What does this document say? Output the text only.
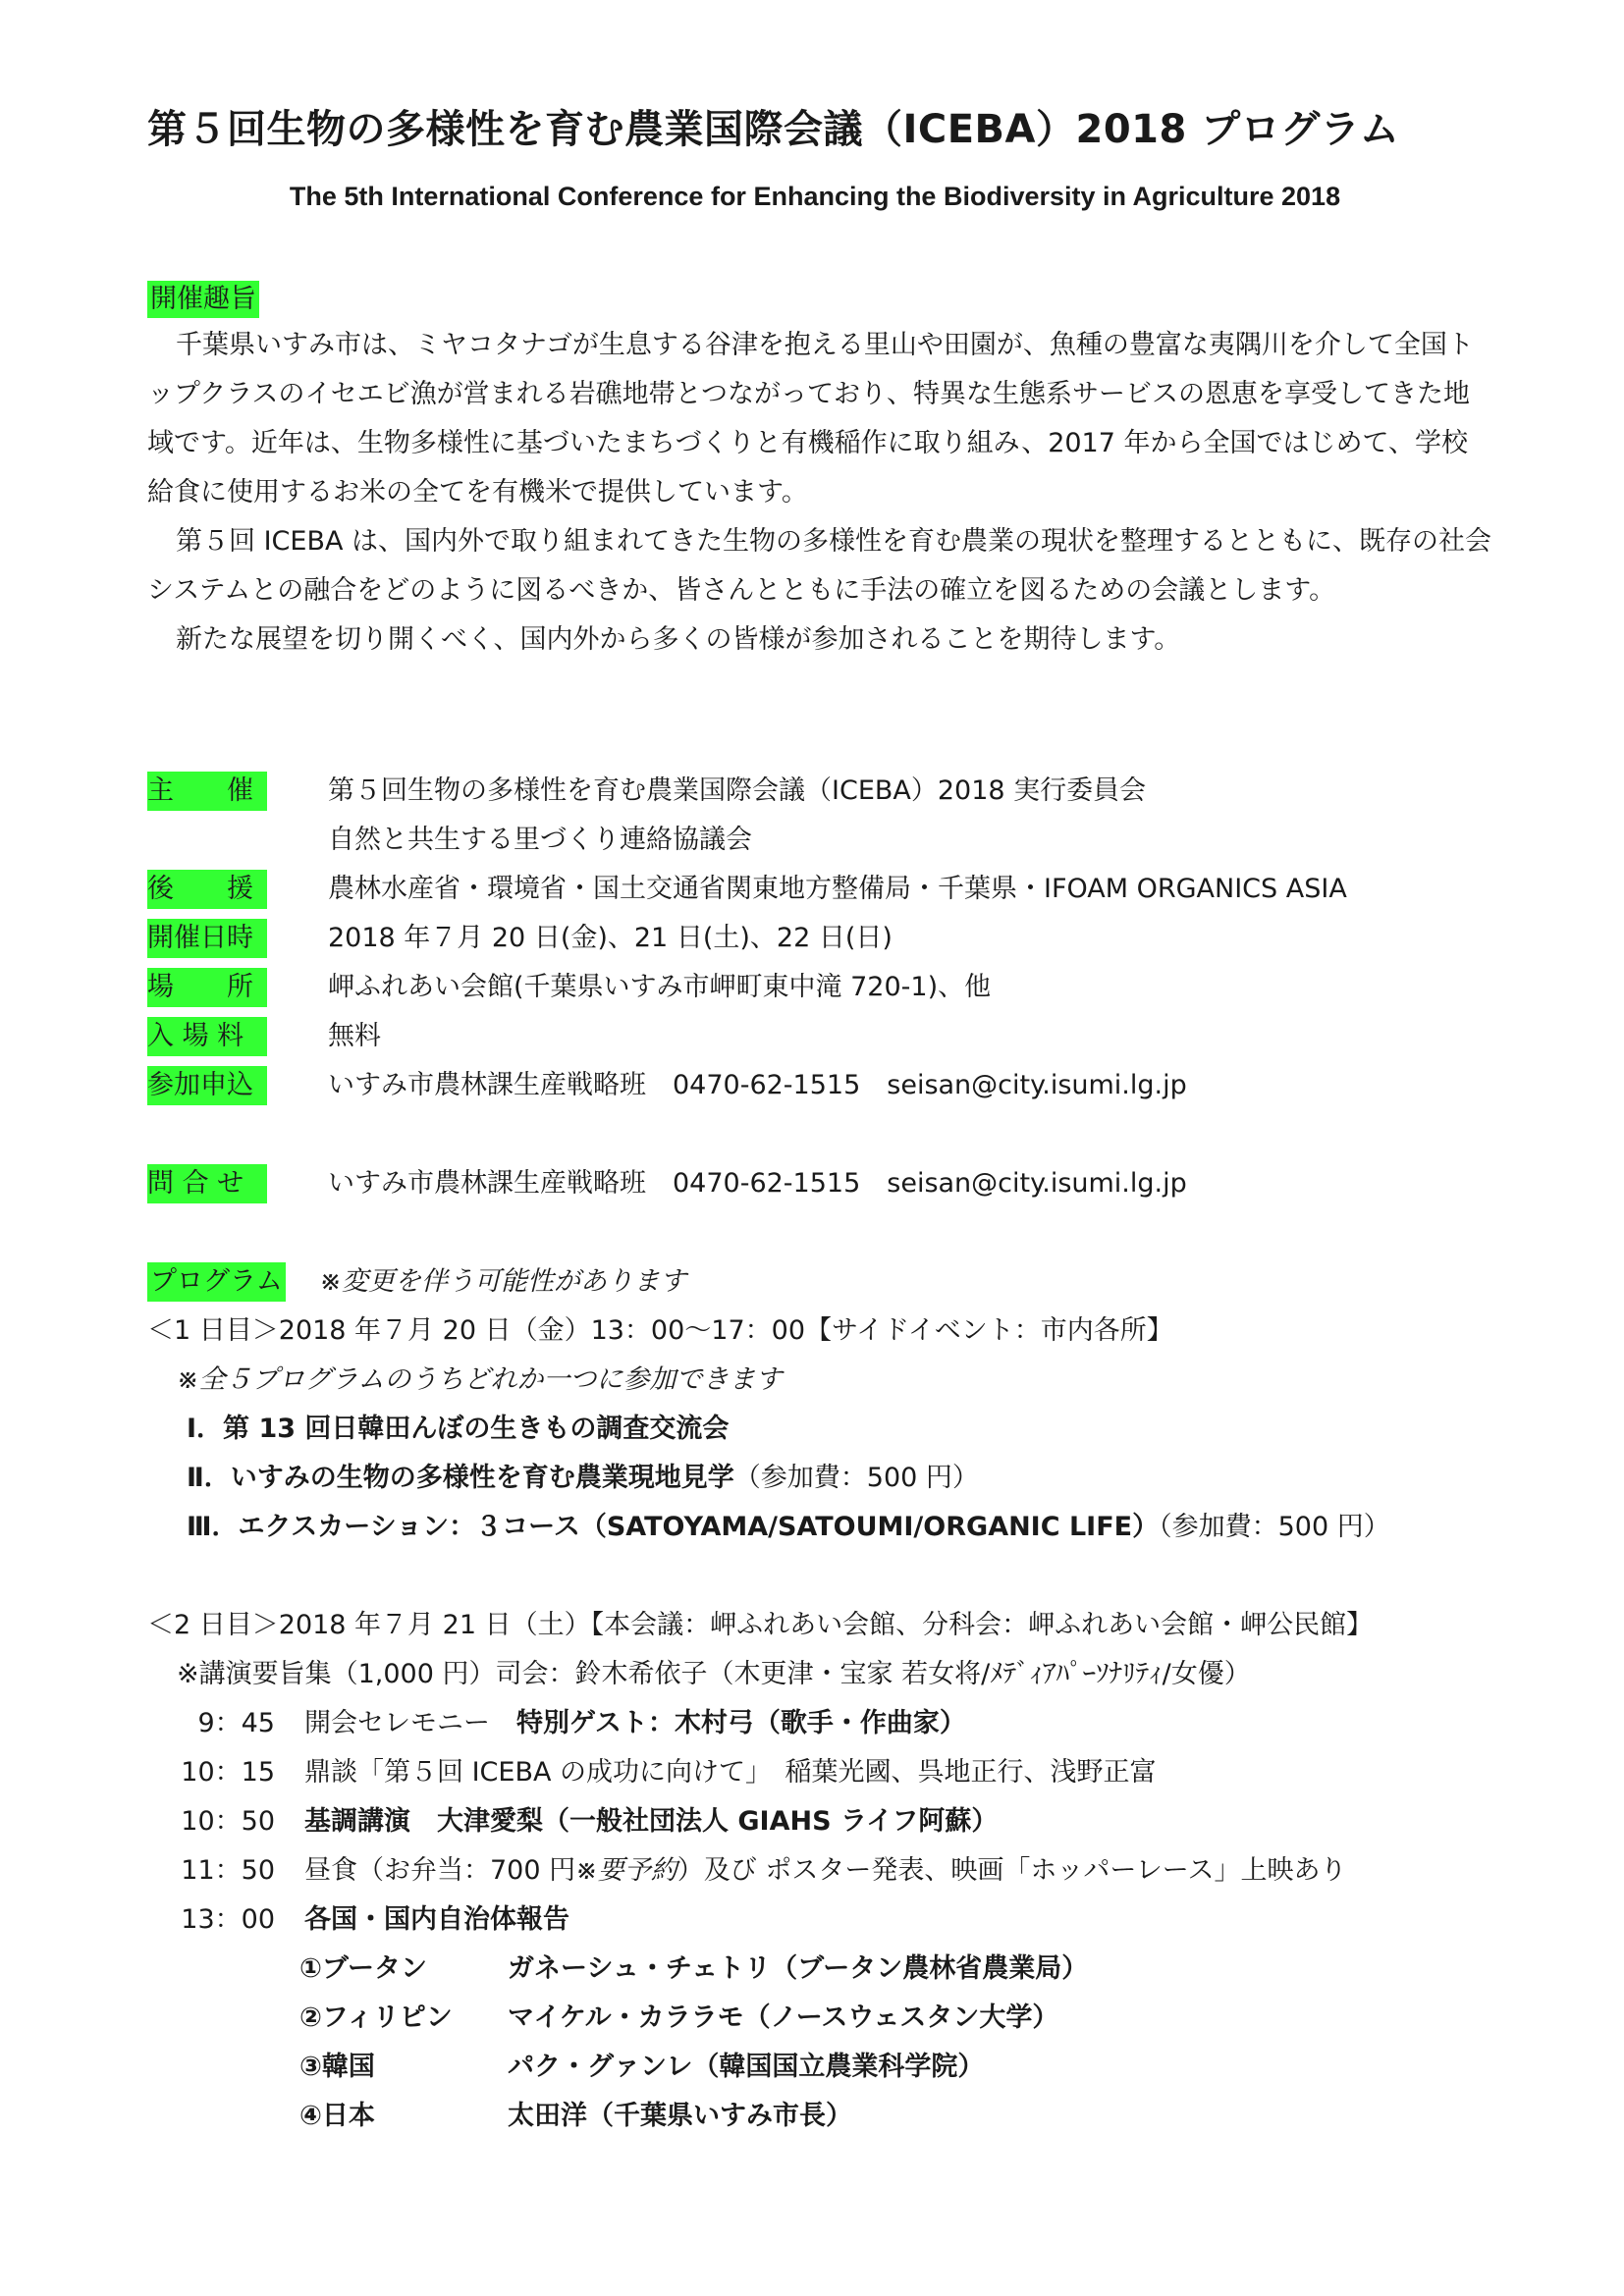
第５回生物の多様性を育む農業国際会議（ICEBA）2018 プログラム
The 5th International Conference for Enhancing the Biodiversity in Agriculture 2018
開催趣旨

千葉県いすみ市は、ミヤコタナゴが生息する谷津を抱える里山や田園が、魚種の豊富な夷隅川を介して全国トップクラスのイセエビ漁が営まれる岩礁地帯とつながっており、特異な生態系サービスの恩恵を享受してきた地域です。近年は、生物多様性に基づいたまちづくりと有機稲作に取り組み、2017 年から全国ではじめて、学校給食に使用するお米の全てを有機米で提供しています。

第５回 ICEBA は、国内外で取り組まれてきた生物の多様性を育む農業の現状を整理するとともに、既存の社会システムとの融合をどのように図るべきか、皆さんとともに手法の確立を図るための会議とします。

新たな展望を切り開くべく、国内外から多くの皆様が参加されることを期待します。

主　　催	第５回生物の多様性を育む農業国際会議（ICEBA）2018 実行委員会
自然と共生する里づくり連絡協議会
後　　援	農林水産省・環境省・国土交通省関東地方整備局・千葉県・IFOAM ORGANICS ASIA
開催日時	2018 年７月 20 日(金)、21 日(土)、22 日(日)
場　　所	岬ふれあい会館(千葉県いすみ市岬町東中滝 720-1)、他
入 場 料	無料
参加申込	いすみ市農林課生産戦略班　0470-62-1515　seisan@city.isumi.lg.jp
問 合 せ	いすみ市農林課生産戦略班　0470-62-1515　seisan@city.isumi.lg.jp
プログラム ※変更を伴う可能性があります
＜1 日目＞2018 年７月 20 日（金）13：00～17：00【サイドイベント：市内各所】
※全５プログラムのうちどれか一つに参加できます
Ⅰ．第 13 回日韓田んぼの生きもの調査交流会
Ⅱ．いすみの生物の多様性を育む農業現地見学（参加費：500 円）
Ⅲ．エクスカーション：３コース（SATOYAMA/SATOUMI/ORGANIC LIFE）（参加費：500 円）
＜2 日目＞2018 年７月 21 日（土）【本会議：岬ふれあい会館、分科会：岬ふれあい会館・岬公民館】
※講演要旨集（1,000 円）司会：鈴木希依子（木更津・宝家 若女将/ﾒﾃﾞｨｱﾊﾟｰｿﾅﾘﾃｨ/女優）
9：45 開会セレモニー　特別ゲスト：木村弓（歌手・作曲家）
10：15 鼎談「第５回 ICEBA の成功に向けて」　稲葉光國、呉地正行、浅野正富
10：50 基調講演　大津愛梨（一般社団法人 GIAHS ライフ阿蘇）
11：50 昼食（お弁当：700 円※要予約）及び ポスター発表、映画「ホッパーレース」上映あり
13：00 各国・国内自治体報告
①ブータン	ガネーシュ・チェトリ（ブータン農林省農業局）
②フィリピン マイケル・カララモ（ノースウェスタン大学）
③韓国	パク・グァンレ（韓国国立農業科学院）
④日本	太田洋（千葉県いすみ市長）
